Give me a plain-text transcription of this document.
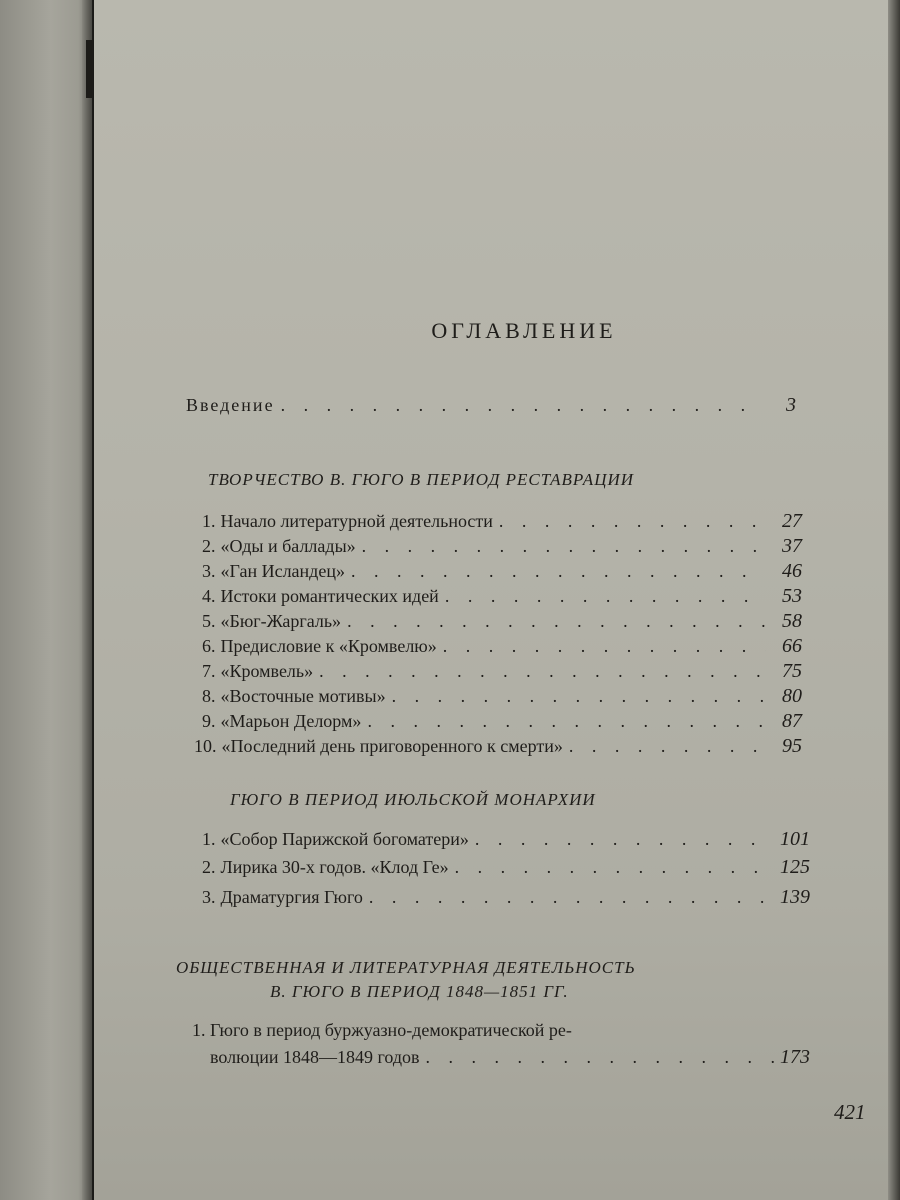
ОГЛАВЛЕНИЕ
Введение . . .	3
ТВОРЧЕСТВО В. ГЮГО В ПЕРИОД РЕСТАВРАЦИИ
1. Начало литературной деятельности . . .	27
2. «Оды и баллады» . . .	37
3. «Ган Исландец» . . .	46
4. Истоки романтических идей . . .	53
5. «Бюг-Жаргаль» . . .	58
6. Предисловие к «Кромвелю» . . .	66
7. «Кромвель» . . .	75
8. «Восточные мотивы» . . .	80
9. «Марьон Делорм» . . .	87
10. «Последний день приговоренного к смерти» . . .	95
ГЮГО В ПЕРИОД ИЮЛЬСКОЙ МОНАРХИИ
1. «Собор Парижской богоматери» . . .	101
2. Лирика 30-х годов. «Клод Ге» . . .	125
3. Драматургия Гюго . . .	139
ОБЩЕСТВЕННАЯ И ЛИТЕРАТУРНАЯ ДЕЯТЕЛЬНОСТЬ
В. ГЮГО В ПЕРИОД 1848—1851 ГГ.
1. Гюго в период буржуазно-демократической ре-
волюции 1848—1849 годов . . .	173
421
